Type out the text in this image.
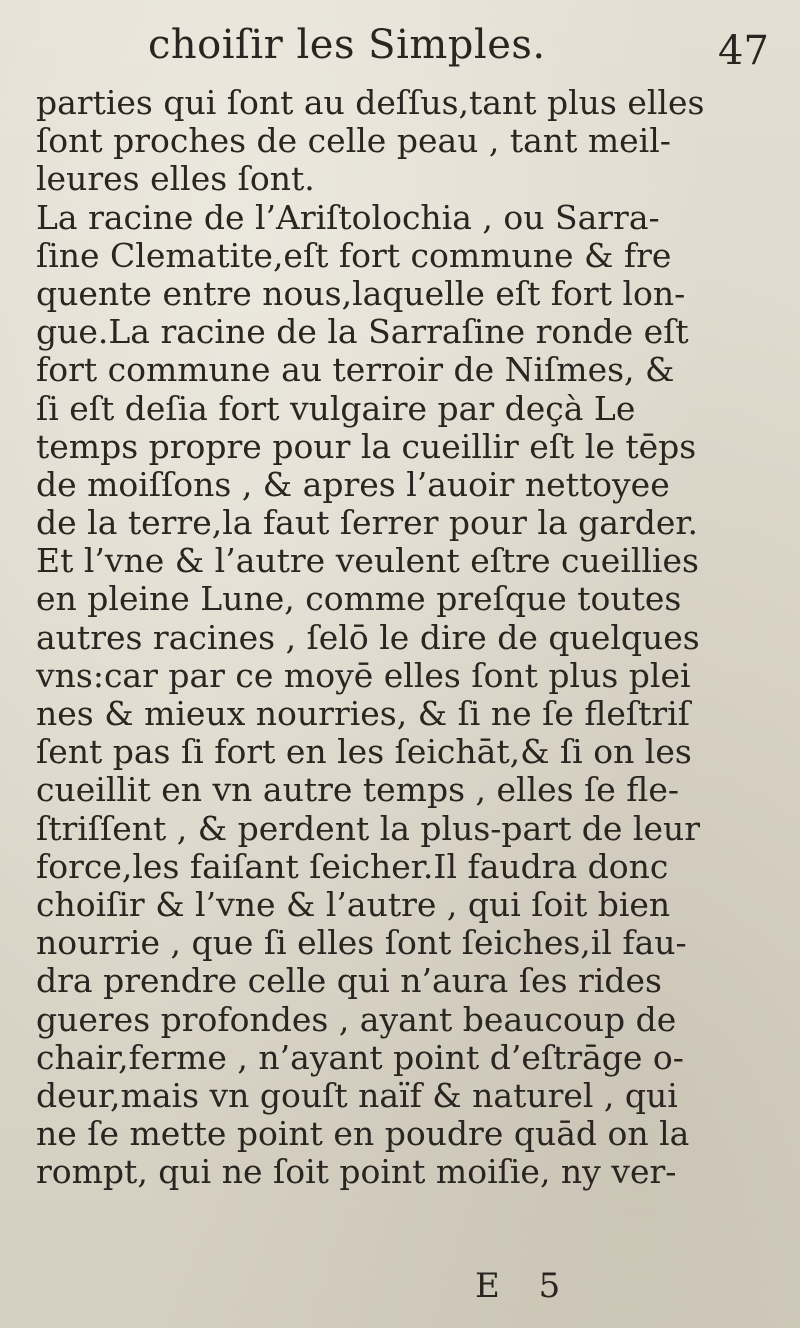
choiſir les Simples.	47
parties qui ſont au deſſus,tant plus elles
ſont proches de celle peau , tant meil-
leures elles ſont.
La racine de l’Ariſtolochia , ou Sarra-
ſine Clematite,eſt fort commune & fre
quente entre nous,laquelle eſt fort lon-
gue.La racine de la Sarraſine ronde eſt
fort commune au terroir de Niſmes, &
ſi eſt deſia fort vulgaire par deçà Le
temps propre pour la cueillir eſt le tēps
de moiſſons , & apres l’auoir nettoyee
de la terre,la faut ſerrer pour la garder.
Et l’vne & l’autre veulent eſtre cueillies
en pleine Lune, comme preſque toutes
autres racines , ſelō le dire de quelques
vns:car par ce moyē elles ſont plus plei
nes & mieux nourries, & ſi ne ſe fleſtriſ
ſent pas ſi fort en les ſeichāt,& ſi on les
cueillit en vn autre temps , elles ſe fle-
ſtriſſent , & perdent la plus-part de leur
force,les faiſant ſeicher.Il faudra donc
choiſir & l’vne & l’autre , qui ſoit bien
nourrie , que ſi elles ſont ſeiches,il fau-
dra prendre celle qui n’aura ſes rides
gueres profondes , ayant beaucoup de
chair,ferme , n’ayant point d’eſtrāge o-
deur,mais vn gouſt naïf & naturel , qui
ne ſe mette point en poudre quād on la
rompt, qui ne ſoit point moiſie, ny ver-
E 5
